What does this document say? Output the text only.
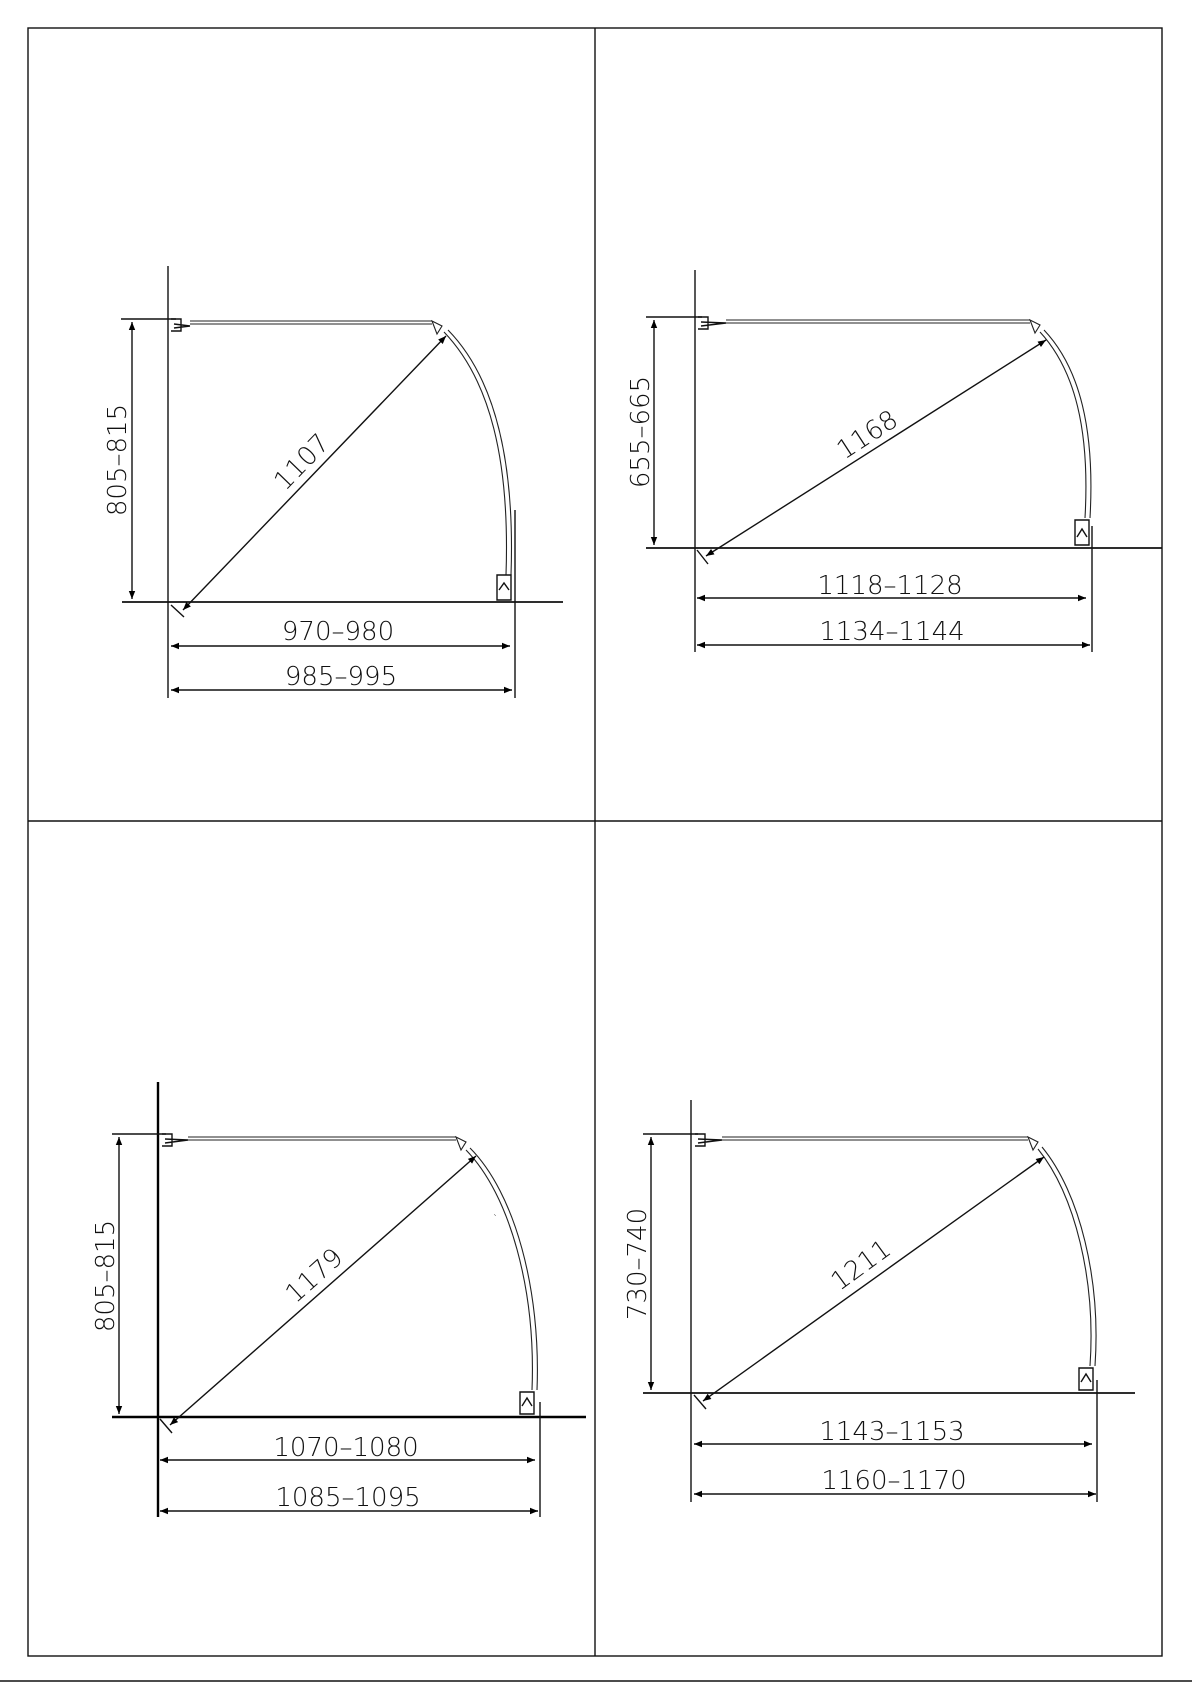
1107
805–815
970–980
985–995
1168
655–665
1118–1128
1134–1144
1179
805–815
1070–1080
1085–1095
`
1211
730–740
1143–1153
1160–1170
